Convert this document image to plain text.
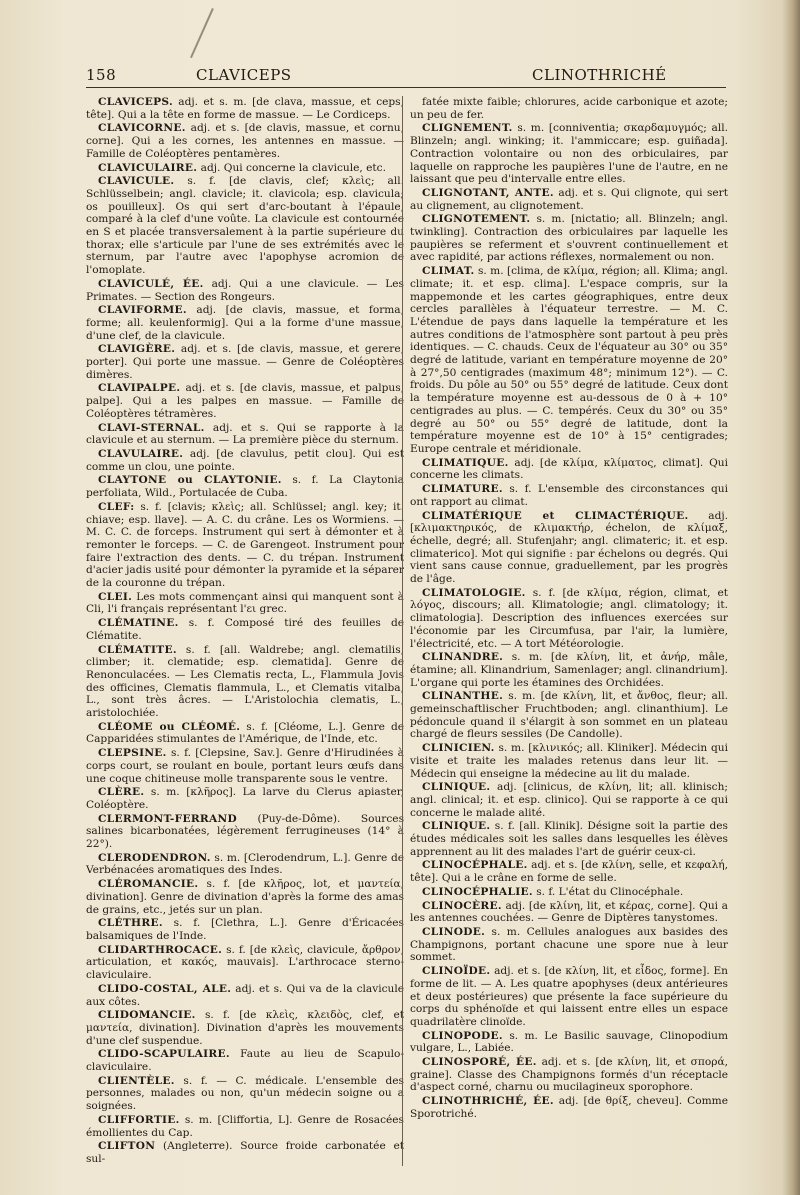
158	CLAVICEPS	CLINOTHRICHÉ

CLAVICEPS. adj. et s. m. [de clava, massue, et ceps, tête]. Qui a la tête en forme de massue. — Le Cordiceps.

CLAVICORNE. adj. et s. [de clavis, massue, et cornu, corne]. Qui a les cornes, les antennes en massue. — Famille de Coléoptères pentamères.

CLAVICULAIRE. adj. Qui concerne la clavicule, etc.

CLAVICULE. s. f. [de clavis, clef; κλεὶς; all. Schlüsselbein; angl. clavicle; it. clavicola; esp. clavicula; os pouilleux]. Os qui sert d'arc-boutant à l'épaule, comparé à la clef d'une voûte. La clavicule est contournée en S et placée transversalement à la partie supérieure du thorax; elle s'articule par l'une de ses extrémités avec le sternum, par l'autre avec l'apophyse acromion de l'omoplate.

CLAVICULÉ, ÉE. adj. Qui a une clavicule. — Les Primates. — Section des Rongeurs.

CLAVIFORME. adj. [de clavis, massue, et forma, forme; all. keulenformig]. Qui a la forme d'une massue, d'une clef, de la clavicule.

CLAVIGÈRE. adj. et s. [de clavis, massue, et gerere, porter]. Qui porte une massue. — Genre de Coléoptères dimères.

CLAVIPALPE. adj. et s. [de clavis, massue, et palpus, palpe]. Qui a les palpes en massue. — Famille de Coléoptères tétramères.

CLAVI-STERNAL. adj. et s. Qui se rapporte à la clavicule et au sternum. — La première pièce du sternum.

CLAVULAIRE. adj. [de clavulus, petit clou]. Qui est comme un clou, une pointe.

CLAYTONE ou CLAYTONIE. s. f. La Claytonia perfoliata, Wild., Portulacée de Cuba.

CLEF: s. f. [clavis; κλεὶς; all. Schlüssel; angl. key; it. chiave; esp. llave]. — A. C. du crâne. Les os Wormiens. — M. C. C. de forceps. Instrument qui sert à démonter et à remonter le forceps. — C. de Garengeot. Instrument pour faire l'extraction des dents. — C. du trépan. Instrument d'acier jadis usité pour démonter la pyramide et la séparer de la couronne du trépan.

CLEI. Les mots commençant ainsi qui manquent sont à Cli, l'i français représentant l'ει grec.

CLÉMATINE. s. f. Composé tiré des feuilles de Clématite.

CLÉMATITE. s. f. [all. Waldrebe; angl. clematilis, climber; it. clematide; esp. clematida]. Genre de Renonculacées. — Les Clematis recta, L., Flammula Jovis des officines, Clematis flammula, L., et Clematis vitalba, L., sont très âcres. — L'Aristolochia clematis, L., aristolochiée.

CLÉOME ou CLÉOMÉ. s. f. [Cléome, L.]. Genre de Capparidées stimulantes de l'Amérique, de l'Inde, etc.

CLEPSINE. s. f. [Clepsine, Sav.]. Genre d'Hirudinées à corps court, se roulant en boule, portant leurs œufs dans une coque chitineuse molle transparente sous le ventre.

CLÈRE. s. m. [κλῆρος]. La larve du Clerus apiaster, Coléoptère.

CLERMONT-FERRAND (Puy-de-Dôme). Sources salines bicarbonatées, légèrement ferrugineuses (14° à 22°).

CLERODENDRON. s. m. [Clerodendrum, L.]. Genre de Verbénacées aromatiques des Indes.

CLÉROMANCIE. s. f. [de κλῆρος, lot, et μαντεία, divination]. Genre de divination d'après la forme des amas de grains, etc., jetés sur un plan.

CLÉTHRE. s. f. [Clethra, L.]. Genre d'Éricacées balsamiques de l'Inde.

CLIDARTHROCACE. s. f. [de κλεὶς, clavicule, ἄρθρον, articulation, et κακός, mauvais]. L'arthrocace sterno-claviculaire.

CLIDO-COSTAL, ALE. adj. et s. Qui va de la clavicule aux côtes.

CLIDOMANCIE. s. f. [de κλεὶς, κλειδὸς, clef, et μαντεία, divination]. Divination d'après les mouvements d'une clef suspendue.

CLIDO-SCAPULAIRE. Faute au lieu de Scapulo-claviculaire.

CLIENTÈLE. s. f. — C. médicale. L'ensemble des personnes, malades ou non, qu'un médecin soigne ou a soignées.

CLIFFORTIE. s. m. [Cliffortia, L]. Genre de Rosacées émollientes du Cap.

CLIFTON (Angleterre). Source froide carbonatée et sul-

fatée mixte faible; chlorures, acide carbonique et azote; un peu de fer.

CLIGNEMENT. s. m. [conniventia; σκαρδαμυγμός; all. Blinzeln; angl. winking; it. l'ammiccare; esp. guiñada]. Contraction volontaire ou non des orbiculaires, par laquelle on rapproche les paupières l'une de l'autre, en ne laissant que peu d'intervalle entre elles.

CLIGNOTANT, ANTE. adj. et s. Qui clignote, qui sert au clignement, au clignotement.

CLIGNOTEMENT. s. m. [nictatio; all. Blinzeln; angl. twinkling]. Contraction des orbiculaires par laquelle les paupières se referment et s'ouvrent continuellement et avec rapidité, par actions réflexes, normalement ou non.

CLIMAT. s. m. [clima, de κλίμα, région; all. Klima; angl. climate; it. et esp. clima]. L'espace compris, sur la mappemonde et les cartes géographiques, entre deux cercles parallèles à l'équateur terrestre. — M. C. L'étendue de pays dans laquelle la température et les autres conditions de l'atmosphère sont partout à peu près identiques. — C. chauds. Ceux de l'équateur au 30° ou 35° degré de latitude, variant en température moyenne de 20° à 27°,50 centigrades (maximum 48°; minimum 12°). — C. froids. Du pôle au 50° ou 55° degré de latitude. Ceux dont la température moyenne est au-dessous de 0 à + 10° centigrades au plus. — C. tempérés. Ceux du 30° ou 35° degré au 50° ou 55° degré de latitude, dont la température moyenne est de 10° à 15° centigrades; Europe centrale et méridionale.

CLIMATIQUE. adj. [de κλίμα, κλίματος, climat]. Qui concerne les climats.

CLIMATURE. s. f. L'ensemble des circonstances qui ont rapport au climat.

CLIMATÉRIQUE et CLIMACTÉRIQUE. adj. [κλιμακτηρικός, de κλιμακτήρ, échelon, de κλίμαξ, échelle, degré; all. Stufenjahr; angl. climateric; it. et esp. climaterico]. Mot qui signifie : par échelons ou degrés. Qui vient sans cause connue, graduellement, par les progrès de l'âge.

CLIMATOLOGIE. s. f. [de κλίμα, région, climat, et λόγος, discours; all. Klimatologie; angl. climatology; it. climatologia]. Description des influences exercées sur l'économie par les Circumfusa, par l'air, la lumière, l'électricité, etc. — A tort Météorologie.

CLINANDRE. s. m. [de κλίνη, lit, et ἀνήρ, mâle, étamine; all. Klinandrium, Samenlager; angl. clinandrium]. L'organe qui porte les étamines des Orchidées.

CLINANTHE. s. m. [de κλίνη, lit, et ἄνθος, fleur; all. gemeinschaftlischer Fruchtboden; angl. clinanthium]. Le pédoncule quand il s'élargit à son sommet en un plateau chargé de fleurs sessiles (De Candolle).

CLINICIEN. s. m. [κλινικός; all. Kliniker]. Médecin qui visite et traite les malades retenus dans leur lit. — Médecin qui enseigne la médecine au lit du malade.

CLINIQUE. adj. [clinicus, de κλίνη, lit; all. klinisch; angl. clinical; it. et esp. clinico]. Qui se rapporte à ce qui concerne le malade alité.

CLINIQUE. s. f. [all. Klinik]. Désigne soit la partie des études médicales soit les salles dans lesquelles les élèves apprennent au lit des malades l'art de guérir ceux-ci.

CLINOCÉPHALE. adj. et s. [de κλίνη, selle, et κεφαλή, tête]. Qui a le crâne en forme de selle.

CLINOCÉPHALIE. s. f. L'état du Clinocéphale.

CLINOCÈRE. adj. [de κλίνη, lit, et κέρας, corne]. Qui a les antennes couchées. — Genre de Diptères tanystomes.

CLINODE. s. m. Cellules analogues aux basides des Champignons, portant chacune une spore nue à leur sommet.

CLINOÏDE. adj. et s. [de κλίνη, lit, et εἶδος, forme]. En forme de lit. — A. Les quatre apophyses (deux antérieures et deux postérieures) que présente la face supérieure du corps du sphénoïde et qui laissent entre elles un espace quadrilatère clinoïde.

CLINOPODE. s. m. Le Basilic sauvage, Clinopodium vulgare, L., Labiée.

CLINOSPORÉ, ÉE. adj. et s. [de κλίνη, lit, et σπορά, graine]. Classe des Champignons formés d'un réceptacle d'aspect corné, charnu ou mucilagineux sporophore.

CLINOTHRICHÉ, ÉE. adj. [de θρίξ, cheveu]. Comme Sporotriché.
